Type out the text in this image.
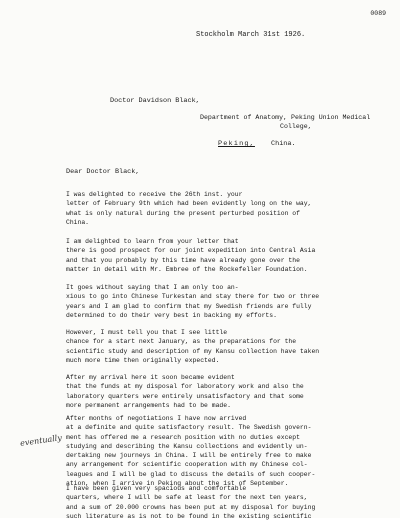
0089
Stockholm March 31st 1926.
Doctor Davidson Black,
Department of Anatomy, Peking Union Medical
College,
Peking, China.
Dear Doctor Black,
I was delighted to receive the 26th inst. your
letter of February 9th which had been evidently long on the way,
what is only natural during the present perturbed position of
China.
I am delighted to learn from your letter that
there is good prospect for our joint expedition into Central Asia
and that you probably by this time have already gone over the
matter in detail with Mr. Embree of the Rockefeller Foundation.
It goes without saying that I am only too an-
xious to go into Chinese Turkestan and stay there for two or three
years and I am glad to confirm that my Swedish friends are fully
determined to do their very best in backing my efforts.
However, I must tell you that I see little
chance for a start next January, as the preparations for the
scientific study and description of my Kansu collection have taken
much more time then originally expected.
After my arrival here it soon became evident
that the funds at my disposal for laboratory work and also the
laboratory quarters were entirely unsatisfactory and that some
more permanent arrangements had to be made.
After months of negotiations I have now arrived
at a definite and quite satisfactory result. The Swedish govern-
ment has offered me a research position with no duties except
studying and describing the Kansu collections and evidently un-
dertaking new journeys in China. I will be entirely free to make
any arrangement for scientific cooperation with my Chinese col-
leagues and I will be glad to discuss the details of such cooper-
ation, when I arrive in Peking about the 1st of September.
I have been given very spacious and comfortable
quarters, where I will be safe at least for the next ten years,
and a sum of 20.000 crowns has been put at my disposal for buying
such literature as is not to be found in the existing scientific
eventually
